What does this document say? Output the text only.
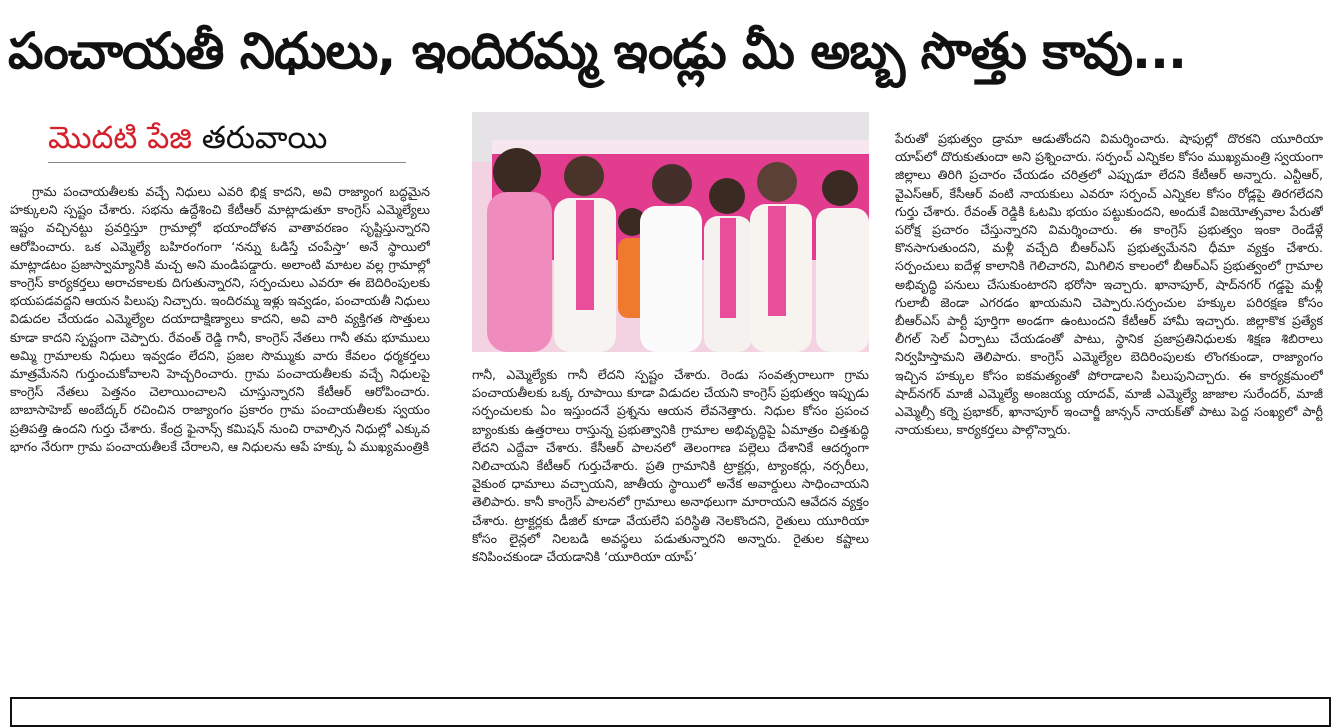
పంచాయతీ నిధులు, ఇందిరమ్మ ఇండ్లు మీ అబ్బ సొత్తు కావు...
మొదటి పేజి తరువాయి

గ్రామ పంచాయతీలకు వచ్చే నిధులు ఎవరి భిక్ష కాదని, అవి రాజ్యాంగ బద్ధమైన హక్కులని స్పష్టం చేశారు. సభను ఉద్దేశించి కేటీఆర్ మాట్లాడుతూ కాంగ్రెస్ ఎమ్మెల్యేలు ఇష్టం వచ్చినట్టు ప్రవర్తిస్తూ గ్రామాల్లో భయాందోళన వాతావరణం సృష్టిస్తున్నారని ఆరోపించారు. ఒక ఎమ్మెల్యే బహిరంగంగా ‘నన్ను ఓడిస్తే చంపేస్తా’ అనే స్థాయిలో మాట్లాడటం ప్రజాస్వామ్యానికి మచ్చ అని మండిపడ్డారు. అలాంటి మాటల వల్ల గ్రామాల్లో కాంగ్రెస్ కార్యకర్తలు అరాచకాలకు దిగుతున్నారని, సర్పంచులు ఎవరూ ఈ బెదిరింపులకు భయపడవద్దని ఆయన పిలుపు నిచ్చారు. ఇందిరమ్మ ఇళ్లు ఇవ్వడం, పంచాయతీ నిధులు విడుదల చేయడం ఎమ్మెల్యేల దయాదాక్షిణ్యాలు కాదని, అవి వారి వ్యక్తిగత సొత్తులు కూడా కాదని స్పష్టంగా చెప్పారు. రేవంత్ రెడ్డి గానీ, కాంగ్రెస్ నేతలు గానీ తమ భూములు అమ్మి గ్రామాలకు నిధులు ఇవ్వడం లేదని, ప్రజల సొమ్ముకు వారు కేవలం ధర్మకర్తలు మాత్రమేనని గుర్తుంచుకోవాలని హెచ్చరించారు. గ్రామ పంచాయతీలకు వచ్చే నిధులపై కాంగ్రెస్ నేతలు పెత్తనం చెలాయించాలని చూస్తున్నారని కేటీఆర్ ఆరోపించారు. బాబాసాహెబ్ అంబేద్కర్ రచించిన రాజ్యాంగం ప్రకారం గ్రామ పంచాయతీలకు స్వయం ప్రతిపత్తి ఉందని గుర్తు చేశారు. కేంద్ర ఫైనాన్స్ కమిషన్ నుంచి రావాల్సిన నిధుల్లో ఎక్కువ భాగం నేరుగా గ్రామ పంచాయతీలకే చేరాలని, ఆ నిధులను ఆపే హక్కు ఏ ముఖ్యమంత్రికి

గానీ, ఎమ్మెల్యేకు గానీ లేదని స్పష్టం చేశారు. రెండు సంవత్సరాలుగా గ్రామ పంచాయతీలకు ఒక్క రూపాయి కూడా విడుదల చేయని కాంగ్రెస్ ప్రభుత్వం ఇప్పుడు సర్పంచులకు ఏం ఇస్తుందనే ప్రశ్నను ఆయన లేవనెత్తారు. నిధుల కోసం ప్రపంచ బ్యాంకుకు ఉత్తరాలు రాస్తున్న ప్రభుత్వానికి గ్రామాల అభివృద్ధిపై ఏమాత్రం చిత్తశుద్ధి లేదని ఎద్దేవా చేశారు. కేసీఆర్ పాలనలో తెలంగాణ పల్లెలు దేశానికే ఆదర్శంగా నిలిచాయని కేటీఆర్ గుర్తుచేశారు. ప్రతి గ్రామానికి ట్రాక్టర్లు, ట్యాంకర్లు, నర్సరీలు, వైకుంఠ ధామాలు వచ్చాయని, జాతీయ స్థాయిలో అనేక అవార్డులు సాధించాయని తెలిపారు. కానీ కాంగ్రెస్ పాలనలో గ్రామాలు అనాథలుగా మారాయని ఆవేదన వ్యక్తం చేశారు. ట్రాక్టర్లకు డీజిల్ కూడా వేయలేని పరిస్థితి నెలకొందని, రైతులు యూరియా కోసం లైన్లలో నిలబడి అవస్థలు పడుతున్నారని అన్నారు. రైతుల కష్టాలు కనిపించకుండా చేయడానికి ‘యూరియా యాప్’

పేరుతో ప్రభుత్వం డ్రామా ఆడుతోందని విమర్శించారు. షాపుల్లో దొరకని యూరియా యాప్‌లో దొరుకుతుందా అని ప్రశ్నించారు. సర్పంచ్ ఎన్నికల కోసం ముఖ్యమంత్రి స్వయంగా జిల్లాలు తిరిగి ప్రచారం చేయడం చరిత్రలో ఎప్పుడూ లేదని కేటీఆర్ అన్నారు. ఎన్టీఆర్, వైఎస్ఆర్, కేసీఆర్ వంటి నాయకులు ఎవరూ సర్పంచ్ ఎన్నికల కోసం రోడ్లపై తిరగలేదని గుర్తు చేశారు. రేవంత్ రెడ్డికి ఓటమి భయం పట్టుకుందని, అందుకే విజయోత్సవాల పేరుతో పరోక్ష ప్రచారం చేస్తున్నారని విమర్శించారు. ఈ కాంగ్రెస్ ప్రభుత్వం ఇంకా రెండేళ్లే కొనసాగుతుందని, మళ్లీ వచ్చేది బీఆర్ఎస్ ప్రభుత్వమేనని ధీమా వ్యక్తం చేశారు. సర్పంచులు ఐదేళ్ల కాలానికి గెలిచారని, మిగిలిన కాలంలో బీఆర్ఎస్ ప్రభుత్వంలో గ్రామాల అభివృద్ధి పనులు చేసుకుంటారని భరోసా ఇచ్చారు. ఖానాపూర్, షాద్‌నగర్ గడ్డపై మళ్లీ గులాబీ జెండా ఎగరడం ఖాయమని చెప్పారు.సర్పంచుల హక్కుల పరిరక్షణ కోసం బీఆర్ఎస్ పార్టీ పూర్తిగా అండగా ఉంటుందని కేటీఆర్ హామీ ఇచ్చారు. జిల్లాకొక ప్రత్యేక లీగల్ సెల్ ఏర్పాటు చేయడంతో పాటు, స్థానిక ప్రజాప్రతినిధులకు శిక్షణ శిబిరాలు నిర్వహిస్తామని తెలిపారు. కాంగ్రెస్ ఎమ్మెల్యేల బెదిరింపులకు లొంగకుండా, రాజ్యాంగం ఇచ్చిన హక్కుల కోసం ఐకమత్యంతో పోరాడాలని పిలుపునిచ్చారు. ఈ కార్యక్రమంలో షాద్‌నగర్ మాజీ ఎమ్మెల్యే అంజయ్య యాదవ్, మాజీ ఎమ్మెల్యే జాజాల సురేందర్, మాజీ ఎమ్మెల్సీ కర్నె ప్రభాకర్, ఖానాపూర్ ఇంచార్జీ జాన్సన్ నాయక్‌తో పాటు పెద్ద సంఖ్యలో పార్టీ నాయకులు, కార్యకర్తలు పాల్గొన్నారు.
